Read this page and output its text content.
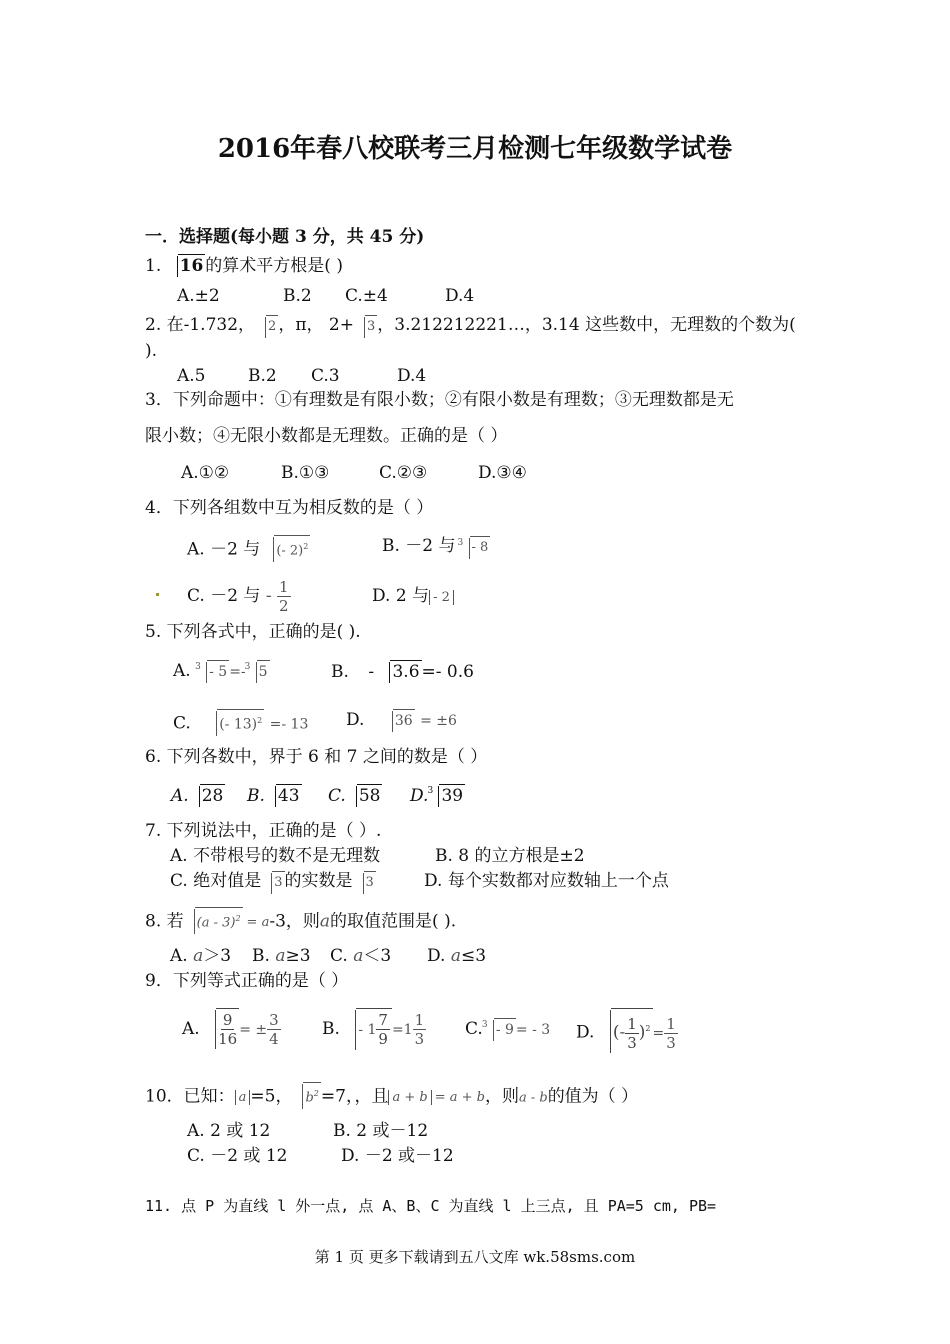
2016年春八校联考三月检测七年级数学试卷
一．选择题(每小题 3 分，共 45 分)
1. 16 的算术平方根是( )
A.±2	B.2 C.±4	D.4
2. 在-1.732， 2 ，π， 2+ 3 ，3.212212221…，3.14 这些数中，无理数的个数为(
).
A.5	B.2 C.3	D.4
3．下列命题中：①有理数是有限小数；②有限小数是有理数；③无理数都是无
限小数；④无限小数都是无理数。正确的是（ ）
A.①②	B.①③	C.②③	D.③④
4．下列各组数中互为相反数的是（ ）
A. －2 与 (- 2)$^2$	B. －2 与 3 - 8
C. －2 与 - $\frac{1}{2}$	D. 2 与 - 2
5. 下列各式中，正确的是( ).
A. 3 - 5 =- 3 5	B. - 3.6 =- 0.6
C. (- 13)$^2$ =- 13 D. 36 = ±6
6. 下列各数中，界于 6 和 7 之间的数是（ ）
A. 28 B. 43 C. 58 D. 3 39
7. 下列说法中，正确的是（ ）.
A. 不带根号的数不是无理数	B. 8 的立方根是±2
C. 绝对值是 3 的实数是 3	D. 每个实数都对应数轴上一个点
8. 若 (a - 3)$^2$ = a-3，则a的取值范围是( ).
A. a＞3 B. a≥3 C. a＜3 D. a≤3
9．下列等式正确的是（ ）
A. $\frac{9}{16}$ = ± $\frac{3}{4} B$. - $1 \frac{7}{9} =1 \frac{1}{3} C$. 3 - 9 = - 3 D. (- $\frac{1}{3} )^2 = \frac{1}{3}$
10．已知： a =5， $b^2 =7$，，且 a + b = a + b，则a - b的值为（ ）
A. 2 或 12	B. 2 或－12
C. －2 或 12	D. －2 或－12
11. 点 P 为直线 l 外一点, 点 A、B、C 为直线 l 上三点, 且 PA=5 cm, PB=
第 1 页 更多下载请到五八文库 wk.58sms.com
